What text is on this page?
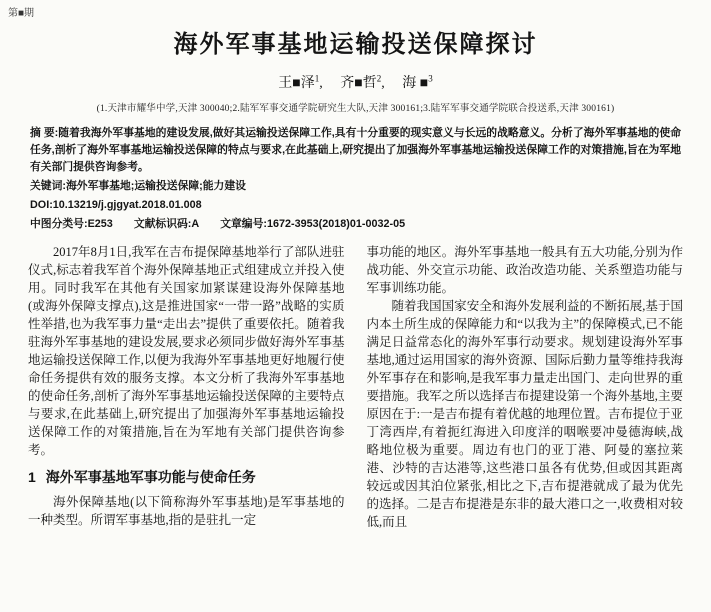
第■期
海外军事基地运输投送保障探讨
王■泽$^1$, 齐■哲$^2$, 海 ■$^3$
(1.天津市耀华中学,天津 300040;2.陆军军事交通学院研究生大队,天津 300161;3.陆军军事交通学院联合投送系,天津 300161)
摘 要:随着我海外军事基地的建设发展,做好其运输投送保障工作,具有十分重要的现实意义与长远的战略意义。分析了海外军事基地的使命任务,剖析了海外军事基地运输投送保障的特点与要求,在此基础上,研究提出了加强海外军事基地运输投送保障工作的对策措施,旨在为军地有关部门提供咨询参考。
关键词:海外军事基地;运输投送保障;能力建设
DOI:10.13219/j.gjgyat.2018.01.008
中图分类号:E253 文献标识码:A 文章编号:1672-3953(2018)01-0032-05

2017年8月1日,我军在吉布提保障基地举行了部队进驻仪式,标志着我军首个海外保障基地正式组建成立并投入使用。同时我军在其他有关国家加紧谋建设海外保障基地(或海外保障支撑点),这是推进国家“一带一路”战略的实质性举措,也为我军事力量“走出去”提供了重要依托。随着我驻海外军事基地的建设发展,要求必须同步做好海外军事基地运输投送保障工作,以便为我海外军事基地更好地履行使命任务提供有效的服务支撑。本文分析了我海外军事基地的使命任务,剖析了海外军事基地运输投送保障的主要特点与要求,在此基础上,研究提出了加强海外军事基地运输投送保障工作的对策措施,旨在为军地有关部门提供咨询参考。

1 海外军事基地军事功能与使命任务

海外保障基地(以下简称海外军事基地)是军事基地的一种类型。所谓军事基地,指的是驻扎一定

事功能的地区。海外军事基地一般具有五大功能,分别为作战功能、外交宣示功能、政治改造功能、关系塑造功能与军事训练功能。

随着我国国家安全和海外发展利益的不断拓展,基于国内本土所生成的保障能力和“以我为主”的保障模式,已不能满足日益常态化的海外军事行动要求。规划建设海外军事基地,通过运用国家的海外资源、国际后勤力量等维持我海外军事存在和影响,是我军事力量走出国门、走向世界的重要措施。我军之所以选择吉布提建设第一个海外基地,主要原因在于:一是吉布提有着优越的地理位置。吉布提位于亚丁湾西岸,有着扼红海进入印度洋的咽喉要冲曼德海峡,战略地位极为重要。周边有也门的亚丁港、阿曼的塞拉莱港、沙特的吉达港等,这些港口虽各有优势,但或因其距离较远或因其泊位紧张,相比之下,吉布提港就成了最为优先的选择。二是吉布提港是东非的最大港口之一,收费相对较低,而且
